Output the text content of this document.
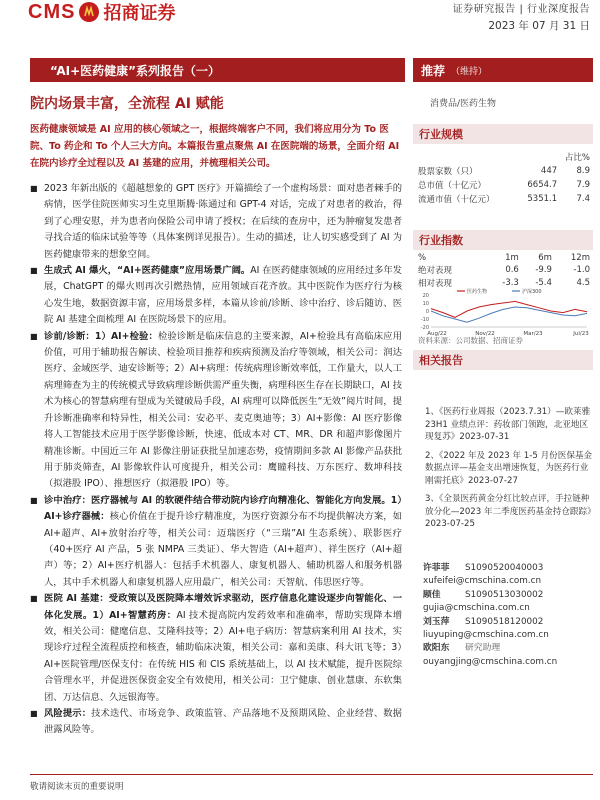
CMS 招商证券	证券研究报告 | 行业深度报告
2023 年 07 月 31 日
“AI+医药健康”系列报告（一）	推荐 （维持）
院内场景丰富，全流程 AI 赋能	消费品/医药生物
医药健康领域是 AI 应用的核心领域之一，根据终端客户不同，我们将应用分为 To 医院、To 药企和 To 个人三大方向。本篇报告重点聚焦 AI 在医院端的场景，全面介绍 AI 在院内诊疗全过程以及 AI 基建的应用，并梳理相关公司。
■ 2023 年新出版的《超越想象的 GPT 医疗》开篇描绘了一个虚构场景：面对患者棘手的病情，医学住院医师实习生克里斯腾·陈通过和 GPT-4 对话，完成了对患者的救治，得到了心理安慰，并为患者向保险公司申请了授权；在后续的查房中，还为肿瘤复发患者寻找合适的临床试验等等（具体案例详见报告）。生动的描述，让人切实感受到了 AI 为医药健康带来的想象空间。
■ 生成式 AI 爆火，“AI+医药健康”应用场景广阔。AI 在医药健康领域的应用经过多年发展，ChatGPT 的爆火则再次引燃热情，应用领域百花齐放。其中医院作为医疗行为核心发生地，数据资源丰富，应用场景多样，本篇从诊前/诊断、诊中治疗、诊后随访、医院 AI 基建全面梳理 AI 在医院场景下的应用。
■ 诊前/诊断：1）AI+检验：检验诊断是临床信息的主要来源，AI+检验具有高临床应用价值，可用于辅助报告解读、检验项目推荐和疾病预测及治疗等领域，相关公司：润达医疗、金域医学、迪安诊断等；2）AI+病理：传统病理诊断效率低，工作量大，以人工病理筛查为主的传统模式导致病理诊断供需严重失衡，病理科医生存在长期缺口，AI 技术为核心的智慧病理有望成为关键破局手段，AI 病理可以降低医生“无效”阅片时间，提升诊断准确率和特异性，相关公司：安必平、麦克奥迪等；3）AI+影像：AI 医疗影像将人工智能技术应用于医学影像诊断，快速、低成本对 CT、MR、DR 和超声影像图片精准诊断。中国近三年 AI 影像注册证获批呈加速态势，疫情期间多款 AI 影像产品获批用于肺炎筛查，AI 影像软件认可度提升，相关公司：鹰瞳科技、万东医疗、数坤科技（拟港股 IPO）、推想医疗（拟港股 IPO）等。
■ 诊中治疗：医疗器械与 AI 的软硬件结合带动院内诊疗向精准化、智能化方向发展。1）AI+诊疗器械：核心价值在于提升诊疗精准度，为医疗资源分布不均提供解决方案，如 AI+超声、AI+放射治疗等，相关公司：迈瑞医疗（“三瑞”AI 生态系统）、联影医疗（40+医疗 AI 产品，5 张 NMPA 三类证）、华大智造（AI+超声）、祥生医疗（AI+超声）等；2）AI+医疗机器人：包括手术机器人、康复机器人、辅助机器人和服务机器人，其中手术机器人和康复机器人应用最广，相关公司：天智航、伟思医疗等。
■ 医院 AI 基建：受政策以及医院降本增效诉求驱动，医疗信息化建设逐步向智能化、一体化发展。1）AI+智慧药房：AI 技术提高院内发药效率和准确率，帮助实现降本增效，相关公司：健麾信息、艾隆科技等；2）AI+电子病历：智慧病案利用 AI 技术，实现诊疗过程全流程质控和核查，辅助临床决策，相关公司：嘉和美康、科大讯飞等；3）AI+医院管理/医保支付：在传统 HIS 和 CIS 系统基础上，以 AI 技术赋能，提升医院综合管理水平，并促进医保资金安全有效使用，相关公司：卫宁健康、创业慧康、东软集团、万达信息、久远银海等。
■ 风险提示：技术迭代、市场竞争、政策监管、产品落地不及预期风险、企业经营、数据泄露风险等。
行业规模
		占比%
股票家数（只）	447	8.9
总市值（十亿元）	6654.7	7.9
流通市值（十亿元）	5351.1	7.4
行业指数
%	1m	6m	12m
绝对表现	0.6	-9.9	-1.0
相对表现	-3.3	-5.4	4.5
20
10
0
-10
-20
Aug/22	Nov/22	Mar/23	Jul/23
医药生物	沪深300
资料来源：公司数据、招商证券
相关报告
1、《医药行业周报（2023.7.31）—欧莱雅 23H1 业绩点评：药妆部门领跑，北亚地区现复苏》2023-07-31
2、《2022 年及 2023 年 1-5 月份医保基金数据点评—基金支出增速恢复，为医药行业刚需托底》2023-07-27
3、《全景医药黄金分红比较点评，手拉链种放分化—2023 年二季度医药基金持仓跟踪》2023-07-25
许菲菲 S1090520040003
xufeifei@cmschina.com.cn
顾佳	S1090513030002
gujia@cmschina.com.cn
刘玉萍 S1090518120002
liuyuping@cmschina.com.cn
欧阳东 研究助理
ouyangjing@cmschina.com.cn
敬请阅读末页的重要说明
